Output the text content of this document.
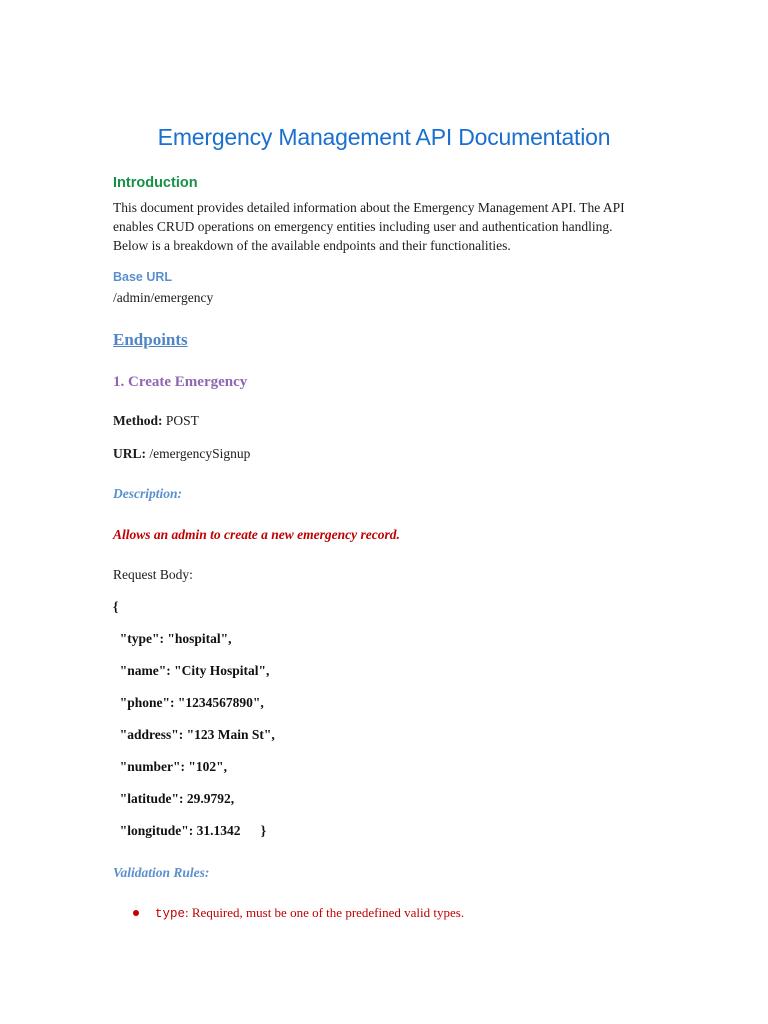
Emergency Management API Documentation
Introduction
This document provides detailed information about the Emergency Management API. The API enables CRUD operations on emergency entities including user and authentication handling. Below is a breakdown of the available endpoints and their functionalities.
Base URL
/admin/emergency
Endpoints
1. Create Emergency
Method: POST
URL: /emergencySignup
Description:
Allows an admin to create a new emergency record.
Request Body:
{
"type": "hospital",
"name": "City Hospital",
"phone": "1234567890",
"address": "123 Main St",
"number": "102",
"latitude": 29.9792,
"longitude": 31.1342      }
Validation Rules:
type: Required, must be one of the predefined valid types.
